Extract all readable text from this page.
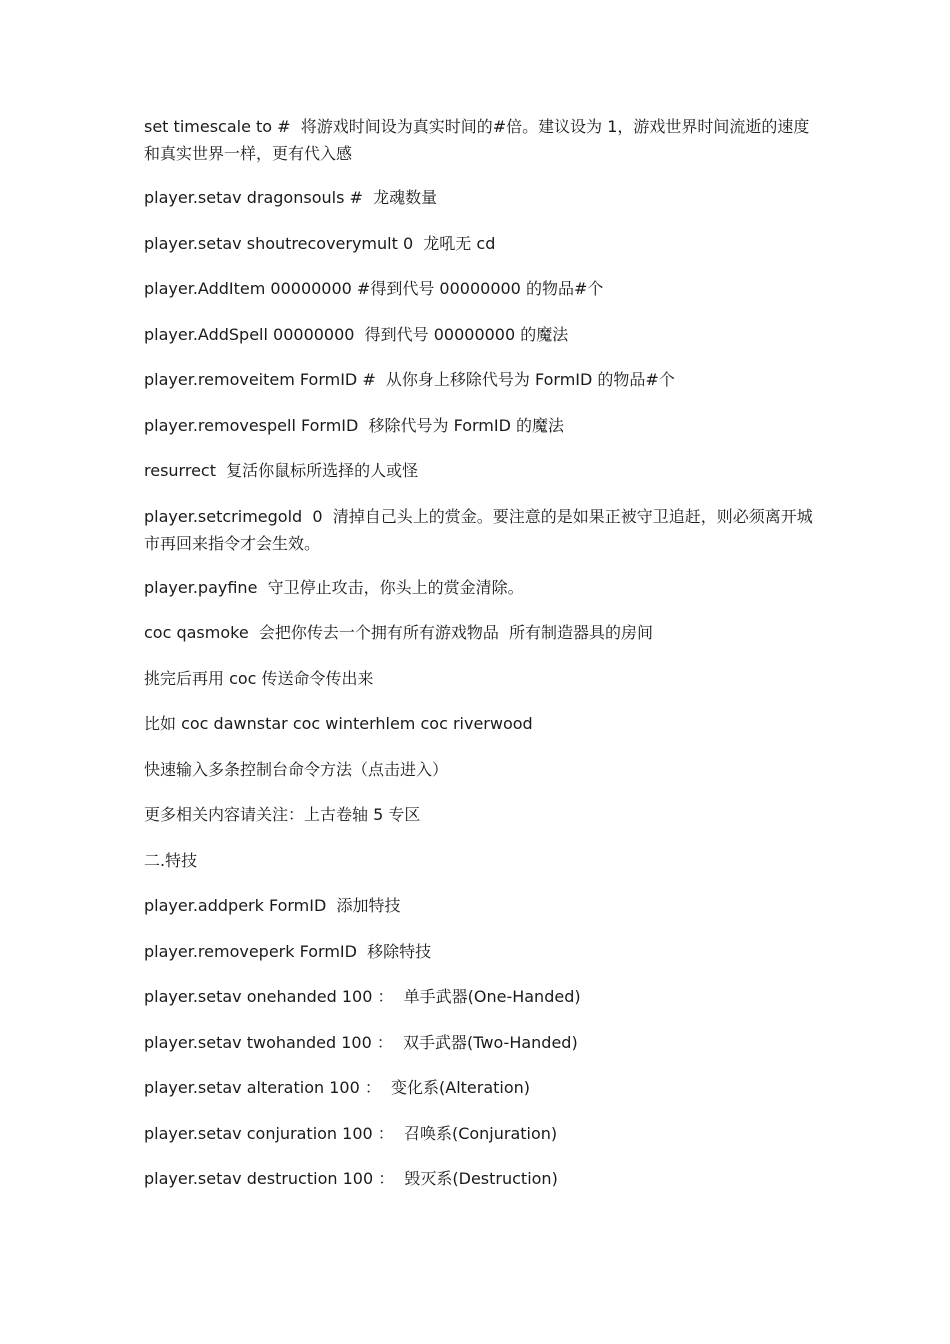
set timescale to #  将游戏时间设为真实时间的#倍。建议设为 1，游戏世界时间流逝的速度和真实世界一样，更有代入感

player.setav dragonsouls #  龙魂数量

player.setav shoutrecoverymult 0  龙吼无 cd

player.AddItem 00000000 #得到代号 00000000 的物品#个

player.AddSpell 00000000  得到代号 00000000 的魔法

player.removeitem FormID #  从你身上移除代号为 FormID 的物品#个

player.removespell FormID  移除代号为 FormID 的魔法

resurrect  复活你鼠标所选择的人或怪

player.setcrimegold  0  清掉自己头上的赏金。要注意的是如果正被守卫追赶，则必须离开城市再回来指令才会生效。

player.payfine  守卫停止攻击，你头上的赏金清除。

coc qasmoke  会把你传去一个拥有所有游戏物品  所有制造器具的房间

挑完后再用 coc 传送命令传出来

比如 coc dawnstar coc winterhlem coc riverwood

快速输入多条控制台命令方法（点击进入）

更多相关内容请关注：上古卷轴 5 专区

二.特技

player.addperk FormID  添加特技

player.removeperk FormID  移除特技

player.setav onehanded 100 ：  单手武器(One-Handed)

player.setav twohanded 100 ：  双手武器(Two-Handed)

player.setav alteration 100 ：  变化系(Alteration)

player.setav conjuration 100 ：  召唤系(Conjuration)

player.setav destruction 100 ：  毁灭系(Destruction)
